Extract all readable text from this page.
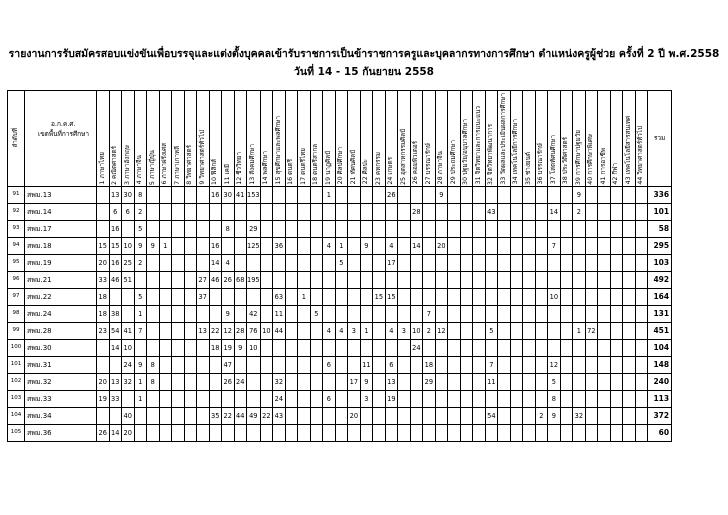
รายงานการรับสมัครสอบแข่งขันเพื่อบรรจุและแต่งตั้งบุคคลเข้ารับราชการเป็นข้าราชการครูและบุคลากรทางการศึกษา ตำแหน่งครูผู้ช่วย ครั้งที่ 2 ปี พ.ศ.2558
วันที่ 14 - 15 กันยายน 2558
ลำดับที่	อ.ก.ค.ศ.
เขตพื้นที่การศึกษา	1 ภาษาไทย	2 คณิตศาสตร์	3 ภาษาอังกฤษ	4 ภาษาจีน	5 ภาษาญี่ปุ่น	6 ภาษาฝรั่งเศส	7 ภาษาเกาหลี	8 วิทยาศาสตร์	9 วิทยาศาสตร์ทั่วไป	10 ฟิสิกส์	11 เคมี	12 ชีววิทยา	13 สังคมศึกษา	14 พลศึกษา	15 สุขศึกษาและพลศึกษา	16 ดนตรี	17 ดนตรีไทย	18 ดนตรีสากล	19 นาฏศิลป์	20 ศิลปศึกษา	21 ทัศนศิลป์	22 ศิลปะ	23 คหกรรม	24 เกษตร	25 อุตสาหกรรมศิลป์	26 คอมพิวเตอร์	27 บรรณารักษ์	28 ภาษาจีน	29 ประถมศึกษา	30 ปฐมวัย/อนุบาลศึกษา	31 จิตวิทยาและการแนะแนว	32 จิตวิทยาพัฒนาการ	33 วัดผลและประเมินผลการศึกษา	34 เทคโนโลยีการศึกษา	35 ช่างยนต์	36 บรรณารักษ์	37 โสตทัศนศึกษา	38 ประวัติศาสตร์	39 การศึกษาปฐมวัย	40 การศึกษาพิเศษ	41 การอาชีพ	42 กีฬา	43 เทคโนโลยีสารสนเทศ	44 วิทยาศาสตร์ทั่วไป	รวม
91	สพม.13		13	30	8						16	30	41	153						1					26				9											9						336
92	สพม.14		6	6	2																						28						43					14		2						101
93	สพม.17		16		5							8		29																																58
94	สพม.18	15	15	10	9	9	1				16			125		36				4	1		9		4		14		20									7								295
95	สพม.19	20	16	25	2						14	4									5				17																					103
96	สพม.21	33	46	51						27	46	26	68	195																																492
97	สพม.22	18			5					37						63		1						15	15													10								164
98	สพม.24	18	38		1							9		42		11			5									7																		131
99	สพม.28	23	54	41	7					13	22	12	28	76	10	44				4	4	3	1		4	3	10	2	12				5							1	72					451
100	สพม.30		14	10							18	19	9	10													24																			104
101	สพม.31			24	9	8						47								6			11		6			18					7					12								148
102	สพม.32	20	13	32	1	8						26	24			32						17	9		13			29					11					5								240
103	สพม.33	19	33		1											24				6			3		19													8								113
104	สพม.34			40							35	22	44	49	22	43						20											54				2	9		32						372
105	สพม.36	26	14	20																																										60
